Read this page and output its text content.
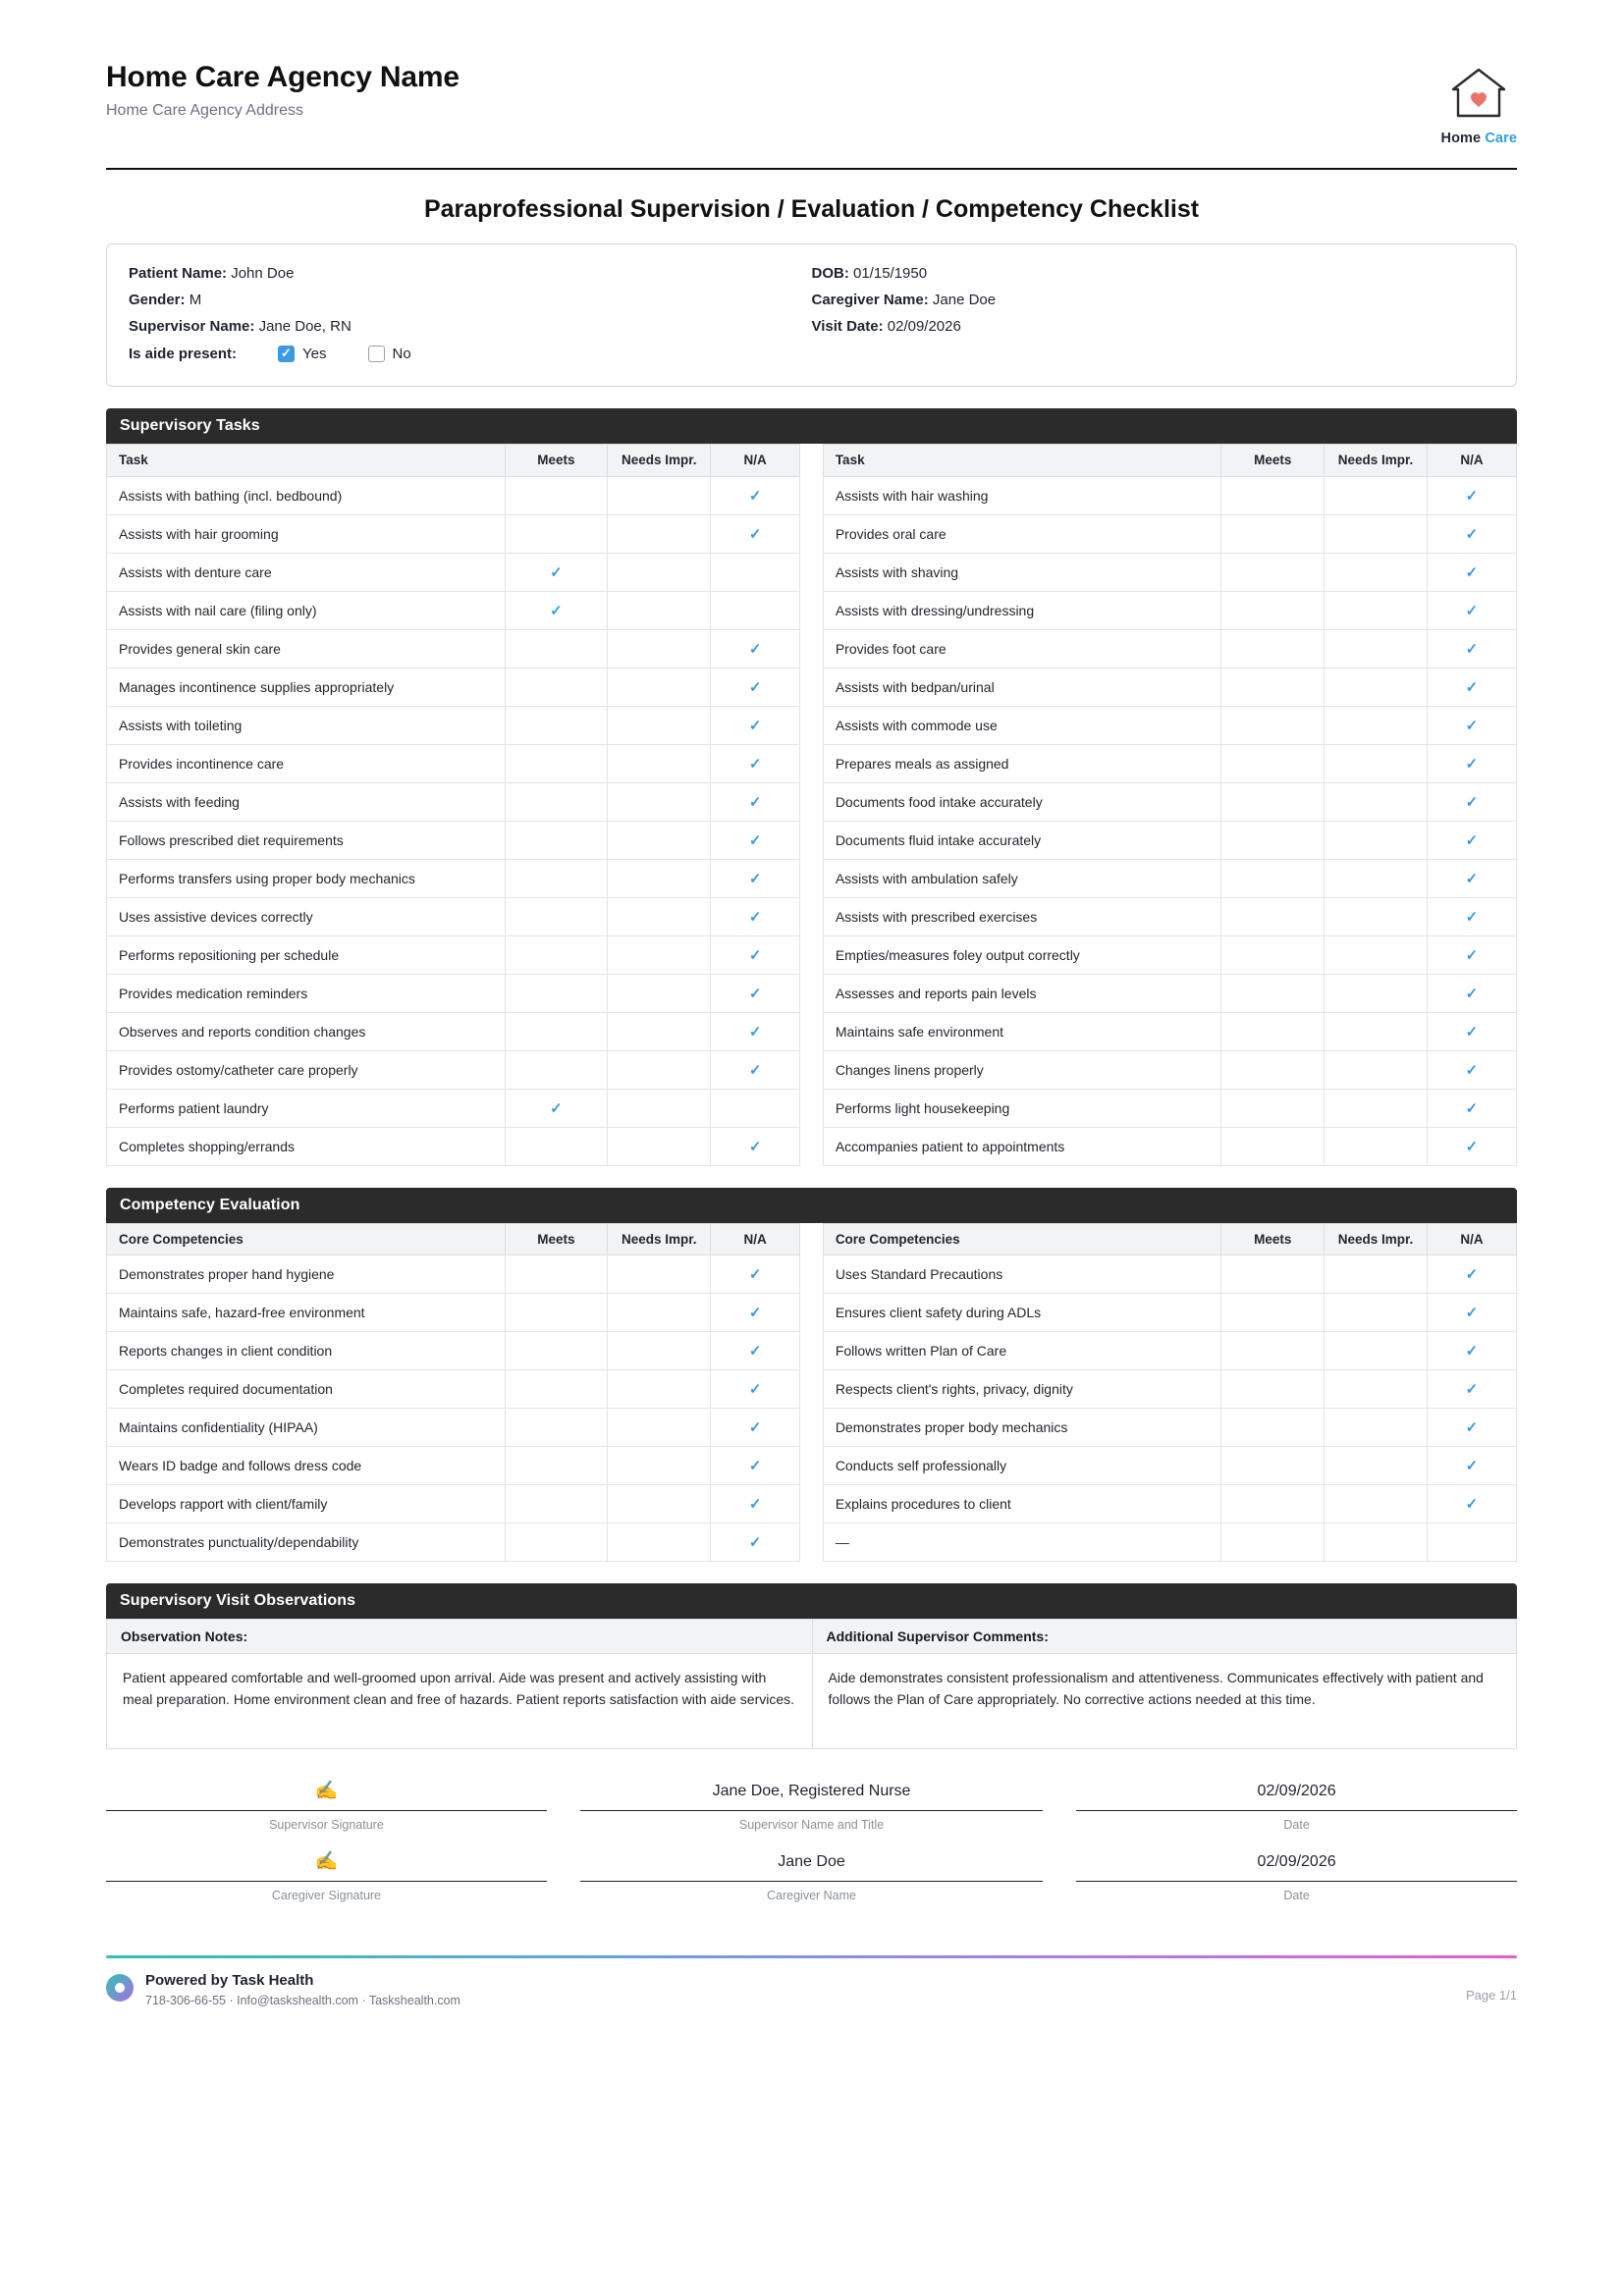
Home Care Agency Name
Home Care Agency Address
Home Care
Paraprofessional Supervision / Evaluation / Competency Checklist
Patient Name: John Doe
Gender: M
Supervisor Name: Jane Doe, RN
Is aide present: ✓	Yes	No
DOB: 01/15/1950
Caregiver Name: Jane Doe
Visit Date: 02/09/2026
Supervisory Tasks
Task	Meets	Needs Impr.	N/A		Task	Meets	Needs Impr.	N/A
Assists with bathing (incl. bedbound)			✓		Assists with hair washing			✓
Assists with hair grooming			✓		Provides oral care			✓
Assists with denture care	✓				Assists with shaving			✓
Assists with nail care (filing only)	✓				Assists with dressing/undressing			✓
Provides general skin care			✓		Provides foot care			✓
Manages incontinence supplies appropriately			✓		Assists with bedpan/urinal			✓
Assists with toileting			✓		Assists with commode use			✓
Provides incontinence care			✓		Prepares meals as assigned			✓
Assists with feeding			✓		Documents food intake accurately			✓
Follows prescribed diet requirements			✓		Documents fluid intake accurately			✓
Performs transfers using proper body mechanics			✓		Assists with ambulation safely			✓
Uses assistive devices correctly			✓		Assists with prescribed exercises			✓
Performs repositioning per schedule			✓		Empties/measures foley output correctly			✓
Provides medication reminders			✓		Assesses and reports pain levels			✓
Observes and reports condition changes			✓		Maintains safe environment			✓
Provides ostomy/catheter care properly			✓		Changes linens properly			✓
Performs patient laundry	✓				Performs light housekeeping			✓
Completes shopping/errands			✓		Accompanies patient to appointments			✓
Competency Evaluation
Core Competencies	Meets	Needs Impr.	N/A		Core Competencies	Meets	Needs Impr.	N/A
Demonstrates proper hand hygiene			✓		Uses Standard Precautions			✓
Maintains safe, hazard-free environment			✓		Ensures client safety during ADLs			✓
Reports changes in client condition			✓		Follows written Plan of Care			✓
Completes required documentation			✓		Respects client's rights, privacy, dignity			✓
Maintains confidentiality (HIPAA)			✓		Demonstrates proper body mechanics			✓
Wears ID badge and follows dress code			✓		Conducts self professionally			✓
Develops rapport with client/family			✓		Explains procedures to client			✓
Demonstrates punctuality/dependability			✓		—			
Supervisory Visit Observations
Observation Notes:
Patient appeared comfortable and well-groomed upon arrival. Aide was present and actively assisting with meal preparation. Home environment clean and free of hazards. Patient reports satisfaction with aide services.
Additional Supervisor Comments:
Aide demonstrates consistent professionalism and attentiveness. Communicates effectively with patient and follows the Plan of Care appropriately. No corrective actions needed at this time.
✍
Supervisor Signature
Jane Doe, Registered Nurse
Supervisor Name and Title
02/09/2026
Date
✍
Caregiver Signature
Jane Doe
Caregiver Name
02/09/2026
Date
Powered by Task Health
718-306-66-55 · Info@taskshealth.com · Taskshealth.com	Page 1/1
